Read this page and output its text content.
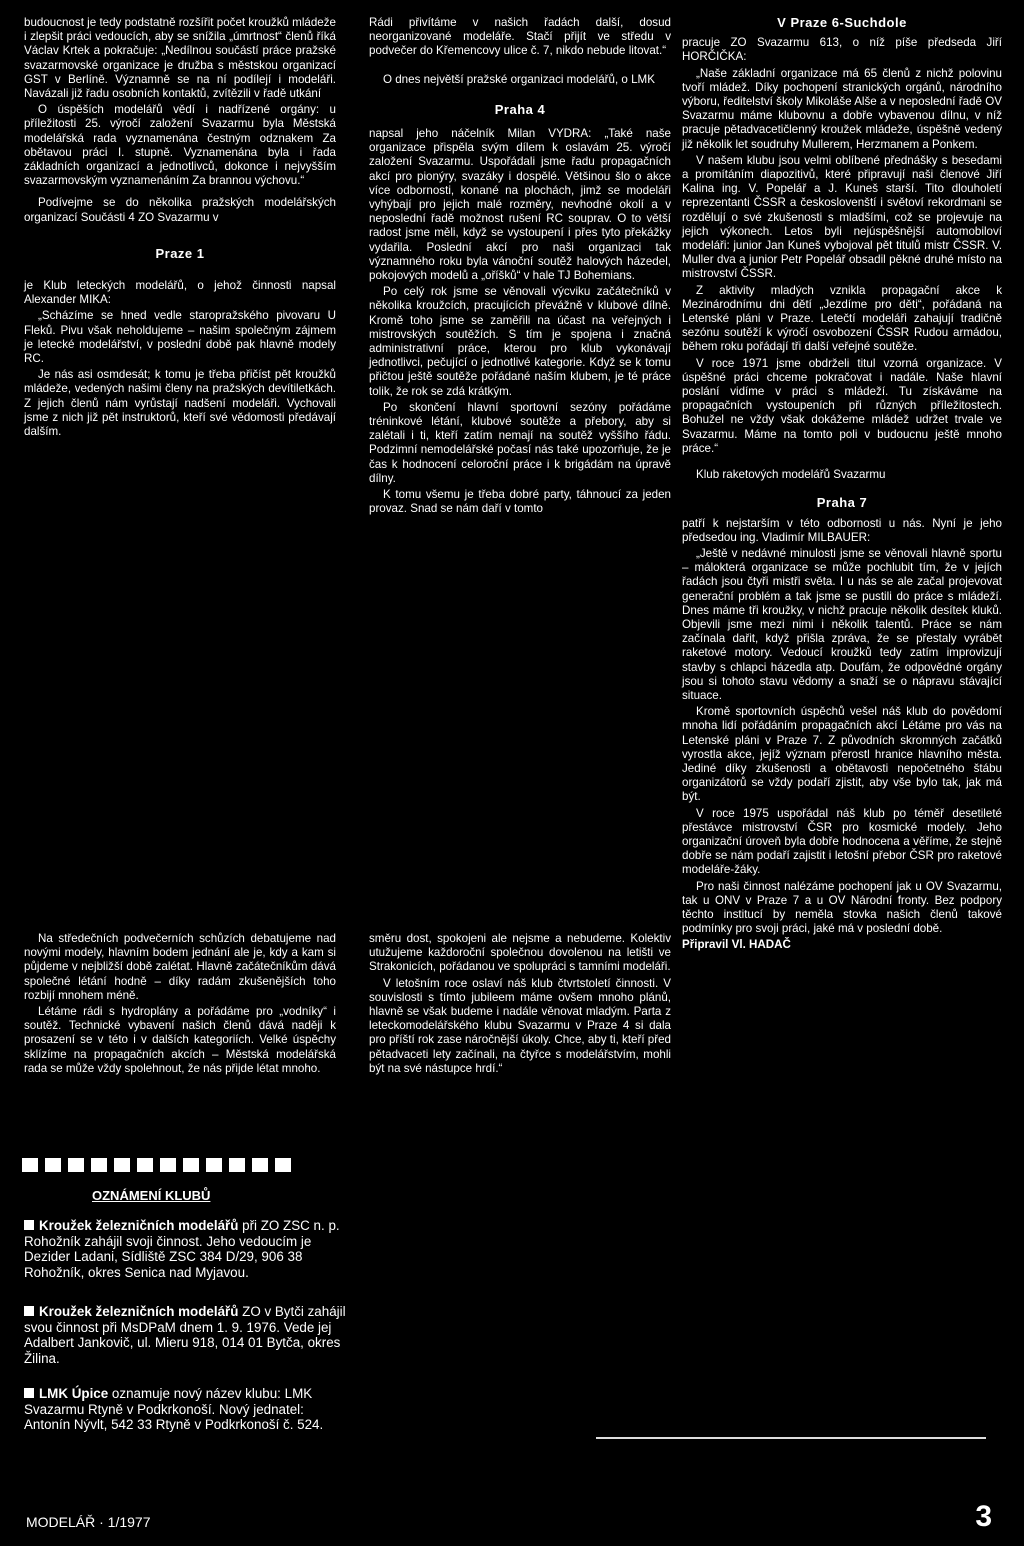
budoucnost je tedy podstatně rozšířit počet kroužků mládeže i zlepšit práci vedoucích, aby se snížila „úmrtnost“ členů říká Václav Krtek a pokračuje: „Nedílnou součástí práce pražské svazarmovské organizace je družba s městskou organizací GST v Berlíně. Významně se na ní podílejí i modeláři. Navázali již řadu osobních kontaktů, zvítězili v řadě utkání

O úspěších modelářů vědí i nadřízené orgány: u příležitosti 25. výročí založení Svazarmu byla Městská modelářská rada vyznamenána čestným odznakem Za obětavou práci I. stupně. Vyznamenána byla i řada základních organizací a jednotlivců, dokonce i nejvyšším svazarmovským vyznamenáním Za brannou výchovu.“

Podívejme se do několika pražských modelářských organizací Součásti 4 ZO Svazarmu v

Praze 1

je Klub leteckých modelářů, o jehož činnosti napsal Alexander MIKA:

„Scházíme se hned vedle staropražského pivovaru U Fleků. Pivu však neholdujeme – našim společným zájmem je letecké modelářství, v poslední době pak hlavně modely RC.

Je nás asi osmdesát; k tomu je třeba přičíst pět kroužků mládeže, vedených našimi členy na pražských devítiletkách. Z jejich členů nám vyrůstají nadšení modeláři. Vychovali jsme z nich již pět instruktorů, kteří své vědomosti předávají dalším.

Na středečních podvečerních schůzích debatujeme nad novými modely, hlavním bodem jednání ale je, kdy a kam si půjdeme v nejbližší době zalétat. Hlavně začátečníkům dává společné létání hodně – díky radám zkušenějších toho rozbijí mnohem méně.

Létáme rádi s hydroplány a pořádáme pro „vodníky“ i soutěž. Technické vybavení našich členů dává naději k prosazení se v této i v dalších kategoriích. Velké úspěchy sklízíme na propagačních akcích – Městská modelářská rada se může vždy spolehnout, že nás přijde létat mnoho.

Rádi přivítáme v našich řadách další, dosud neorganizované modeláře. Stačí přijít ve středu v podvečer do Křemencovy ulice č. 7, nikdo nebude litovat.“

O dnes největší pražské organizaci modelářů, o LMK

Praha 4

napsal jeho náčelník Milan VYDRA: „Také naše organizace přispěla svým dílem k oslavám 25. výročí založení Svazarmu. Uspořádali jsme řadu propagačních akcí pro pionýry, svazáky i dospělé. Většinou šlo o akce více odbornosti, konané na plochách, jimž se modeláři vyhýbají pro jejich malé rozměry, nevhodné okolí a v neposlední řadě možnost rušení RC souprav. O to větší radost jsme měli, když se vystoupení i přes tyto překážky vydařila. Poslední akcí pro naši organizaci tak významného roku byla vánoční soutěž halových házedel, pokojových modelů a „oříšků“ v hale TJ Bohemians.

Po celý rok jsme se věnovali výcviku začátečníků v několika kroužcích, pracujících převážně v klubové dílně. Kromě toho jsme se zaměřili na účast na veřejných i mistrovských soutěžích. S tím je spojena i značná administrativní práce, kterou pro klub vykonávají jednotlivci, pečující o jednotlivé kategorie. Když se k tomu přičtou ještě soutěže pořádané naším klubem, je té práce tolik, že rok se zdá krátkým.

Po skončení hlavní sportovní sezóny pořádáme tréninkové létání, klubové soutěže a přebory, aby si zalétali i ti, kteří zatím nemají na soutěž vyššího řádu. Podzimní nemodelářské počasí nás také upozorňuje, že je čas k hodnocení celoroční práce i k brigádám na úpravě dílny.

K tomu všemu je třeba dobré party, táhnoucí za jeden provaz. Snad se nám daří v tomto

směru dost, spokojeni ale nejsme a nebudeme. Kolektiv utužujeme každoroční společnou dovolenou na letišti ve Strakonicích, pořádanou ve spolupráci s tamními modeláři.

V letošním roce oslaví náš klub čtvrtstoletí činnosti. V souvislosti s tímto jubileem máme ovšem mnoho plánů, hlavně se však budeme i nadále věnovat mladým. Parta z leteckomodelářského klubu Svazarmu v Praze 4 si dala pro příští rok zase náročnější úkoly. Chce, aby ti, kteří před pětadvaceti lety začínali, na čtyřce s modelářstvím, mohli být na své nástupce hrdí.“

V Praze 6-Suchdole

pracuje ZO Svazarmu 613, o níž píše předseda Jiří HORČIČKA:

„Naše základní organizace má 65 členů z nichž polovinu tvoří mládež. Díky pochopení stranických orgánů, národního výboru, ředitelství školy Mikoláše Alše a v neposlední řadě OV Svazarmu máme klubovnu a dobře vybavenou dílnu, v níž pracuje pětadvacetičlenný kroužek mládeže, úspěšně vedený již několik let soudruhy Mullerem, Herzmanem a Ponkem.

V našem klubu jsou velmi oblíbené přednášky s besedami a promítáním diapozitivů, které připravují naši členové Jiří Kalina ing. V. Popelář a J. Kuneš starší. Tito dlouholetí reprezentanti ČSSR a českoslovenští i světoví rekordmani se rozdělují o své zkušenosti s mladšími, což se projevuje na jejich výkonech. Letos byli nejúspěšnější automobiloví modeláři: junior Jan Kuneš vybojoval pět titulů mistr ČSSR. V. Muller dva a junior Petr Popelář obsadil pěkné druhé místo na mistrovství ČSSR.

Z aktivity mladých vznikla propagační akce k Mezinárodnímu dni dětí „Jezdíme pro děti“, pořádaná na Letenské pláni v Praze. Letečtí modeláři zahajují tradičně sezónu soutěží k výročí osvobození ČSSR Rudou armádou, během roku pořádají tři další veřejné soutěže.

V roce 1971 jsme obdrželi titul vzorná organizace. V úspěšné práci chceme pokračovat i nadále. Naše hlavní poslání vidíme v práci s mládeží. Tu získáváme na propagačních vystoupeních při různých příležitostech. Bohužel ne vždy však dokážeme mládež udržet trvale ve Svazarmu. Máme na tomto poli v budoucnu ještě mnoho práce.“

Klub raketových modelářů Svazarmu

Praha 7

patří k nejstarším v této odbornosti u nás. Nyní je jeho předsedou ing. Vladimír MILBAUER:

„Ještě v nedávné minulosti jsme se věnovali hlavně sportu – málokterá organizace se může pochlubit tím, že v jejích řadách jsou čtyři mistři světa. I u nás se ale začal projevovat generační problém a tak jsme se pustili do práce s mládeží. Dnes máme tři kroužky, v nichž pracuje několik desítek kluků. Objevili jsme mezi nimi i několik talentů. Práce se nám začínala dařit, když přišla zpráva, že se přestaly vyrábět raketové motory. Vedoucí kroužků tedy zatím improvizují stavby s chlapci házedla atp. Doufám, že odpovědné orgány jsou si tohoto stavu vědomy a snaží se o nápravu stávající situace.

Kromě sportovních úspěchů vešel náš klub do povědomí mnoha lidí pořádáním propagačních akcí Létáme pro vás na Letenské pláni v Praze 7. Z původních skromných začátků vyrostla akce, jejíž význam přerostl hranice hlavního města. Jediné díky zkušenosti a obětavosti nepočetného štábu organizátorů se vždy podaří zjistit, aby vše bylo tak, jak má být.

V roce 1975 uspořádal náš klub po téměř desetileté přestávce mistrovství ČSR pro kosmické modely. Jeho organizační úroveň byla dobře hodnocena a věříme, že stejně dobře se nám podaří zajistit i letošní přebor ČSR pro raketové modeláře-žáky.

Pro naši činnost nalézáme pochopení jak u OV Svazarmu, tak u ONV v Praze 7 a u OV Národní fronty. Bez podpory těchto institucí by neměla stovka našich členů takové podmínky pro svoji práci, jaké má v poslední době.

Připravil Vl. HADAČ

OZNÁMENÍ KLUBŮ

Kroužek železničních modelářů při ZO ZSC n. p. Rohožník zahájil svoji činnost. Jeho vedoucím je Dezider Ladani, Sídliště ZSC 384 D/29, 906 38 Rohožník, okres Senica nad Myjavou.

Kroužek železničních modelářů ZO v Bytči zahájil svou činnost při MsDPaM dnem 1. 9. 1976. Vede jej Adalbert Jankovič, ul. Mieru 918, 014 01 Bytča, okres Žilina.

LMK Úpice oznamuje nový název klubu: LMK Svazarmu Rtyně v Podkrkonoší. Nový jednatel: Antonín Nývlt, 542 33 Rtyně v Podkrkonoší č. 524.

MODELÁŘ · 1/1977	3
